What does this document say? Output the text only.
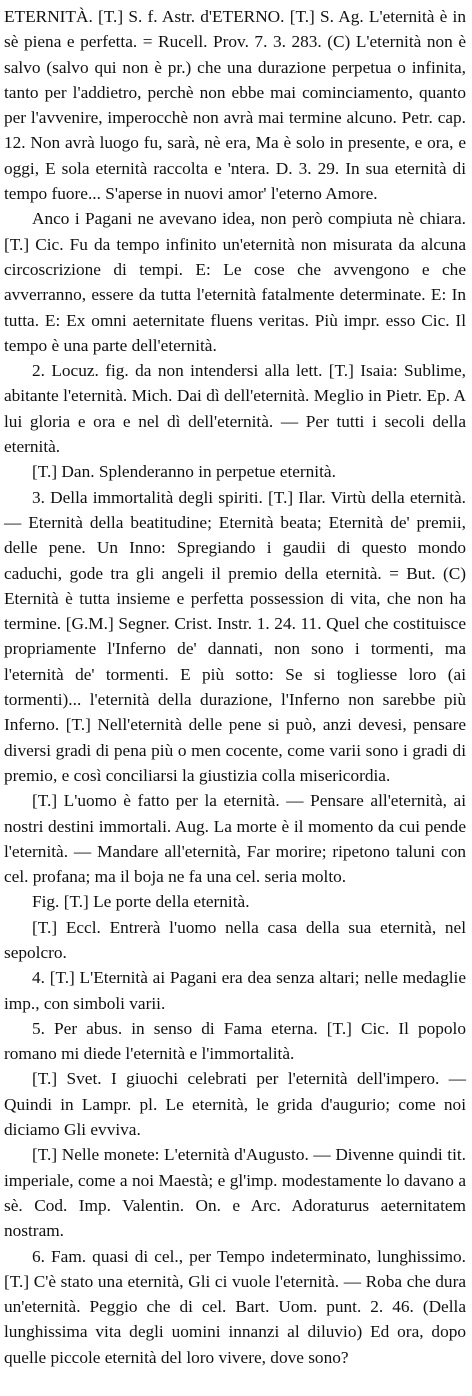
ETERNITÀ. [T.] S. f. Astr. d'ETERNO. [T.] S. Ag. L'eternità è in sè piena e perfetta. = Rucell. Prov. 7. 3. 283. (C) L'eternità non è salvo (salvo qui non è pr.) che una durazione perpetua o infinita, tanto per l'addietro, perchè non ebbe mai cominciamento, quanto per l'avvenire, imperocchè non avrà mai termine alcuno. Petr. cap. 12. Non avrà luogo fu, sarà, nè era, Ma è solo in presente, e ora, e oggi, E sola eternità raccolta e 'ntera. D. 3. 29. In sua eternità di tempo fuore... S'aperse in nuovi amor' l'eterno Amore.

Anco i Pagani ne avevano idea, non però compiuta nè chiara. [T.] Cic. Fu da tempo infinito un'eternità non misurata da alcuna circoscrizione di tempi. E: Le cose che avvengono e che avverranno, essere da tutta l'eternità fatalmente determinate. E: In tutta. E: Ex omni aeternitate fluens veritas. Più impr. esso Cic. Il tempo è una parte dell'eternità.

2. Locuz. fig. da non intendersi alla lett. [T.] Isaia: Sublime, abitante l'eternità. Mich. Dai dì dell'eternità. Meglio in Pietr. Ep. A lui gloria e ora e nel dì dell'eternità. — Per tutti i secoli della eternità.

[T.] Dan. Splenderanno in perpetue eternità.

3. Della immortalità degli spiriti. [T.] Ilar. Virtù della eternità. — Eternità della beatitudine; Eternità beata; Eternità de' premii, delle pene. Un Inno: Spregiando i gaudii di questo mondo caduchi, gode tra gli angeli il premio della eternità. = But. (C) Eternità è tutta insieme e perfetta possession di vita, che non ha termine. [G.M.] Segner. Crist. Instr. 1. 24. 11. Quel che costituisce propriamente l'Inferno de' dannati, non sono i tormenti, ma l'eternità de' tormenti. E più sotto: Se si togliesse loro (ai tormenti)... l'eternità della durazione, l'Inferno non sarebbe più Inferno. [T.] Nell'eternità delle pene si può, anzi devesi, pensare diversi gradi di pena più o men cocente, come varii sono i gradi di premio, e così conciliarsi la giustizia colla misericordia.

[T.] L'uomo è fatto per la eternità. — Pensare all'eternità, ai nostri destini immortali. Aug. La morte è il momento da cui pende l'eternità. — Mandare all'eternità, Far morire; ripetono taluni con cel. profana; ma il boja ne fa una cel. seria molto.

Fig. [T.] Le porte della eternità.

[T.] Eccl. Entrerà l'uomo nella casa della sua eternità, nel sepolcro.

4. [T.] L'Eternità ai Pagani era dea senza altari; nelle medaglie imp., con simboli varii.

5. Per abus. in senso di Fama eterna. [T.] Cic. Il popolo romano mi diede l'eternità e l'immortalità.

[T.] Svet. I giuochi celebrati per l'eternità dell'impero. — Quindi in Lampr. pl. Le eternità, le grida d'augurio; come noi diciamo Gli evviva.

[T.] Nelle monete: L'eternità d'Augusto. — Divenne quindi tit. imperiale, come a noi Maestà; e gl'imp. modestamente lo davano a sè. Cod. Imp. Valentin. On. e Arc. Adoraturus aeternitatem nostram.

6. Fam. quasi di cel., per Tempo indeterminato, lunghissimo. [T.] C'è stato una eternità, Gli ci vuole l'eternità. — Roba che dura un'eternità. Peggio che di cel. Bart. Uom. punt. 2. 46. (Della lunghissima vita degli uomini innanzi al diluvio) Ed ora, dopo quelle piccole eternità del loro vivere, dove sono?
